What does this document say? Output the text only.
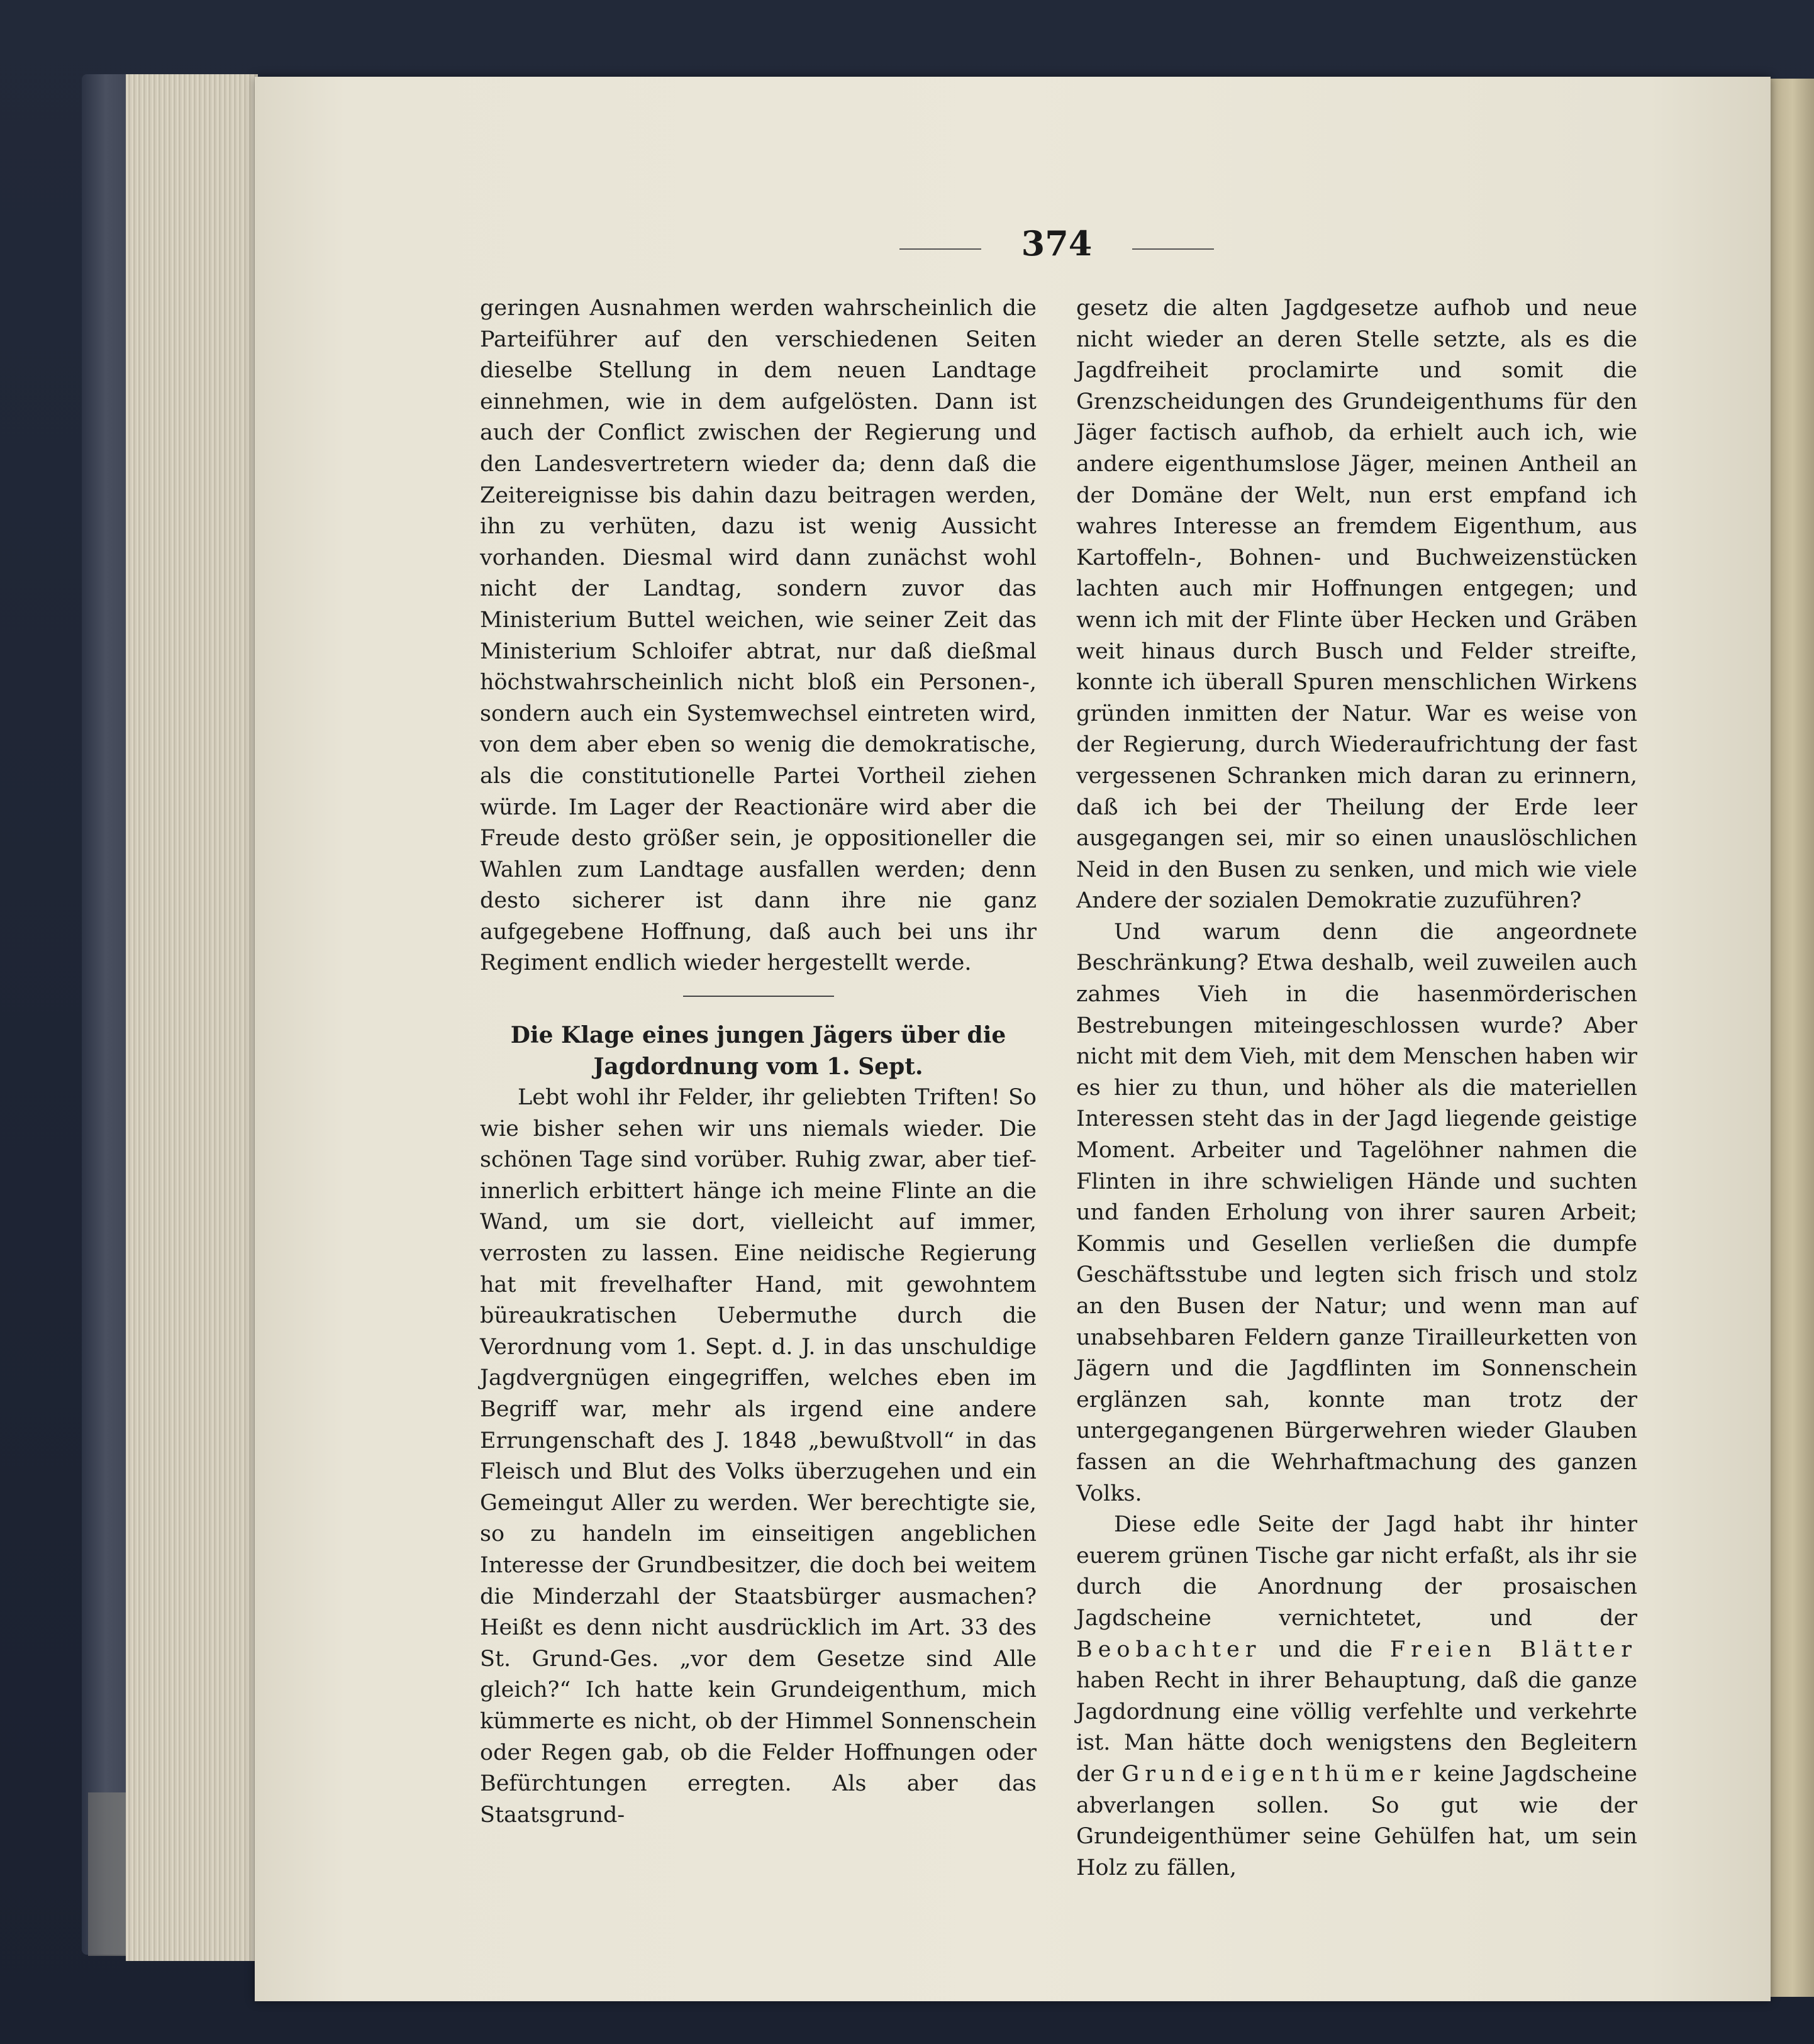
374

geringen Ausnahmen werden wahrscheinlich die Parteiführer auf den verschiedenen Seiten dieselbe Stellung in dem neuen Landtage einnehmen, wie in dem aufgelösten. Dann ist auch der Conflict zwischen der Regierung und den Landesvertretern wieder da; denn daß die Zeitereignisse bis dahin dazu beitragen werden, ihn zu verhüten, dazu ist wenig Aussicht vorhanden. Diesmal wird dann zunächst wohl nicht der Landtag, sondern zuvor das Ministerium Buttel weichen, wie seiner Zeit das Ministerium Schloifer abtrat, nur daß dießmal höchstwahrscheinlich nicht bloß ein Personen-, sondern auch ein Systemwechsel eintreten wird, von dem aber eben so wenig die demokratische, als die constitutionelle Partei Vortheil ziehen würde. Im Lager der Reactionäre wird aber die Freude desto größer sein, je oppositioneller die Wahlen zum Landtage ausfallen werden; denn desto sicherer ist dann ihre nie ganz aufgegebene Hoffnung, daß auch bei uns ihr Regiment endlich wieder hergestellt werde.

Die Klage eines jungen Jägers über die Jagdordnung vom 1. Sept.

Lebt wohl ihr Felder, ihr geliebten Triften! So wie bisher sehen wir uns niemals wieder. Die schönen Tage sind vorüber. Ruhig zwar, aber tief-innerlich erbittert hänge ich meine Flinte an die Wand, um sie dort, vielleicht auf immer, verrosten zu lassen. Eine neidische Regierung hat mit frevelhafter Hand, mit gewohntem büreaukratischen Uebermuthe durch die Verordnung vom 1. Sept. d. J. in das unschuldige Jagdvergnügen eingegriffen, welches eben im Begriff war, mehr als irgend eine andere Errungenschaft des J. 1848 „bewußtvoll“ in das Fleisch und Blut des Volks überzugehen und ein Gemeingut Aller zu werden. Wer berechtigte sie, so zu handeln im einseitigen angeblichen Interesse der Grundbesitzer, die doch bei weitem die Minderzahl der Staatsbürger ausmachen? Heißt es denn nicht ausdrücklich im Art. 33 des St. Grund-Ges. „vor dem Gesetze sind Alle gleich?“ Ich hatte kein Grundeigenthum, mich kümmerte es nicht, ob der Himmel Sonnenschein oder Regen gab, ob die Felder Hoffnungen oder Befürchtungen erregten. Als aber das Staatsgrund-

gesetz die alten Jagdgesetze aufhob und neue nicht wieder an deren Stelle setzte, als es die Jagdfreiheit proclamirte und somit die Grenzscheidungen des Grundeigenthums für den Jäger factisch aufhob, da erhielt auch ich, wie andere eigenthumslose Jäger, meinen Antheil an der Domäne der Welt, nun erst empfand ich wahres Interesse an fremdem Eigenthum, aus Kartoffeln-, Bohnen- und Buchweizenstücken lachten auch mir Hoffnungen entgegen; und wenn ich mit der Flinte über Hecken und Gräben weit hinaus durch Busch und Felder streifte, konnte ich überall Spuren menschlichen Wirkens gründen inmitten der Natur. War es weise von der Regierung, durch Wiederaufrichtung der fast vergessenen Schranken mich daran zu erinnern, daß ich bei der Theilung der Erde leer ausgegangen sei, mir so einen unauslöschlichen Neid in den Busen zu senken, und mich wie viele Andere der sozialen Demokratie zuzuführen?

Und warum denn die angeordnete Beschränkung? Etwa deshalb, weil zuweilen auch zahmes Vieh in die hasenmörderischen Bestrebungen miteingeschlossen wurde? Aber nicht mit dem Vieh, mit dem Menschen haben wir es hier zu thun, und höher als die materiellen Interessen steht das in der Jagd liegende geistige Moment. Arbeiter und Tagelöhner nahmen die Flinten in ihre schwieligen Hände und suchten und fanden Erholung von ihrer sauren Arbeit; Kommis und Gesellen verließen die dumpfe Geschäftsstube und legten sich frisch und stolz an den Busen der Natur; und wenn man auf unabsehbaren Feldern ganze Tirailleurketten von Jägern und die Jagdflinten im Sonnenschein erglänzen sah, konnte man trotz der untergegangenen Bürgerwehren wieder Glauben fassen an die Wehrhaftmachung des ganzen Volks.

Diese edle Seite der Jagd habt ihr hinter euerem grünen Tische gar nicht erfaßt, als ihr sie durch die Anordnung der prosaischen Jagdscheine vernichtetet, und der Beobachter und die Freien Blätter haben Recht in ihrer Behauptung, daß die ganze Jagdordnung eine völlig verfehlte und verkehrte ist. Man hätte doch wenigstens den Begleitern der Grundeigenthümer keine Jagdscheine abverlangen sollen. So gut wie der Grundeigenthümer seine Gehülfen hat, um sein Holz zu fällen,
